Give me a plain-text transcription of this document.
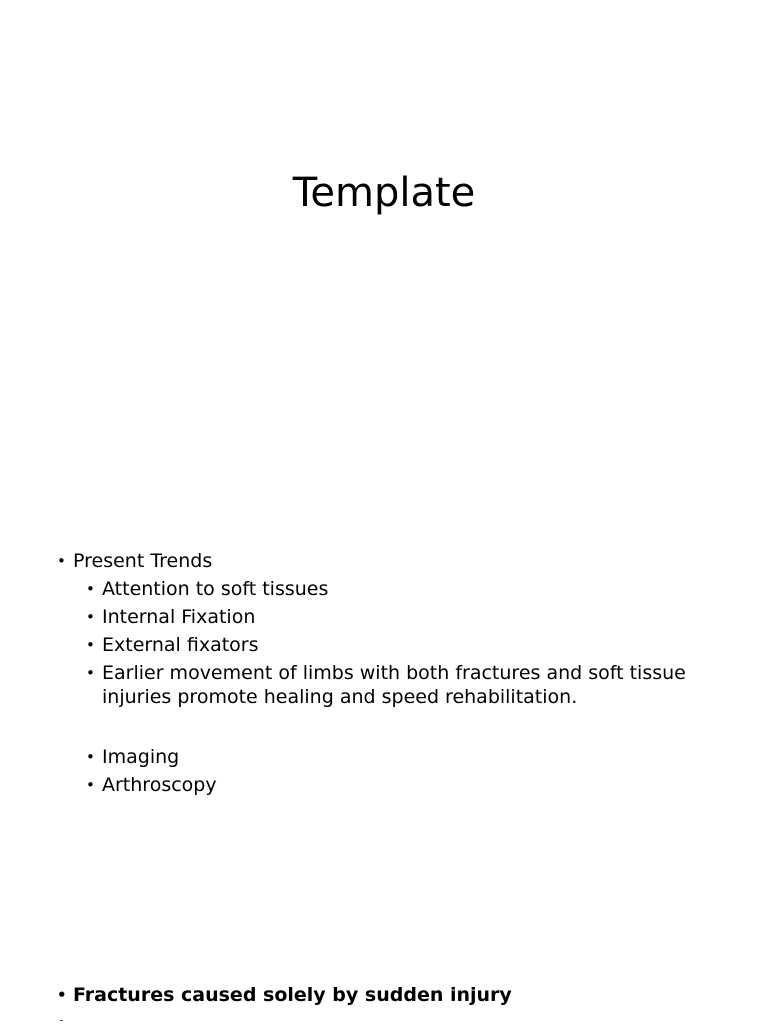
Template
• Present Trends
• Attention to soft tissues
• Internal Fixation
• External fixators
• Earlier movement of limbs with both fractures and soft tissue injuries promote healing and speed rehabilitation.
• Imaging
• Arthroscopy
• Fractures caused solely by sudden injury
•
